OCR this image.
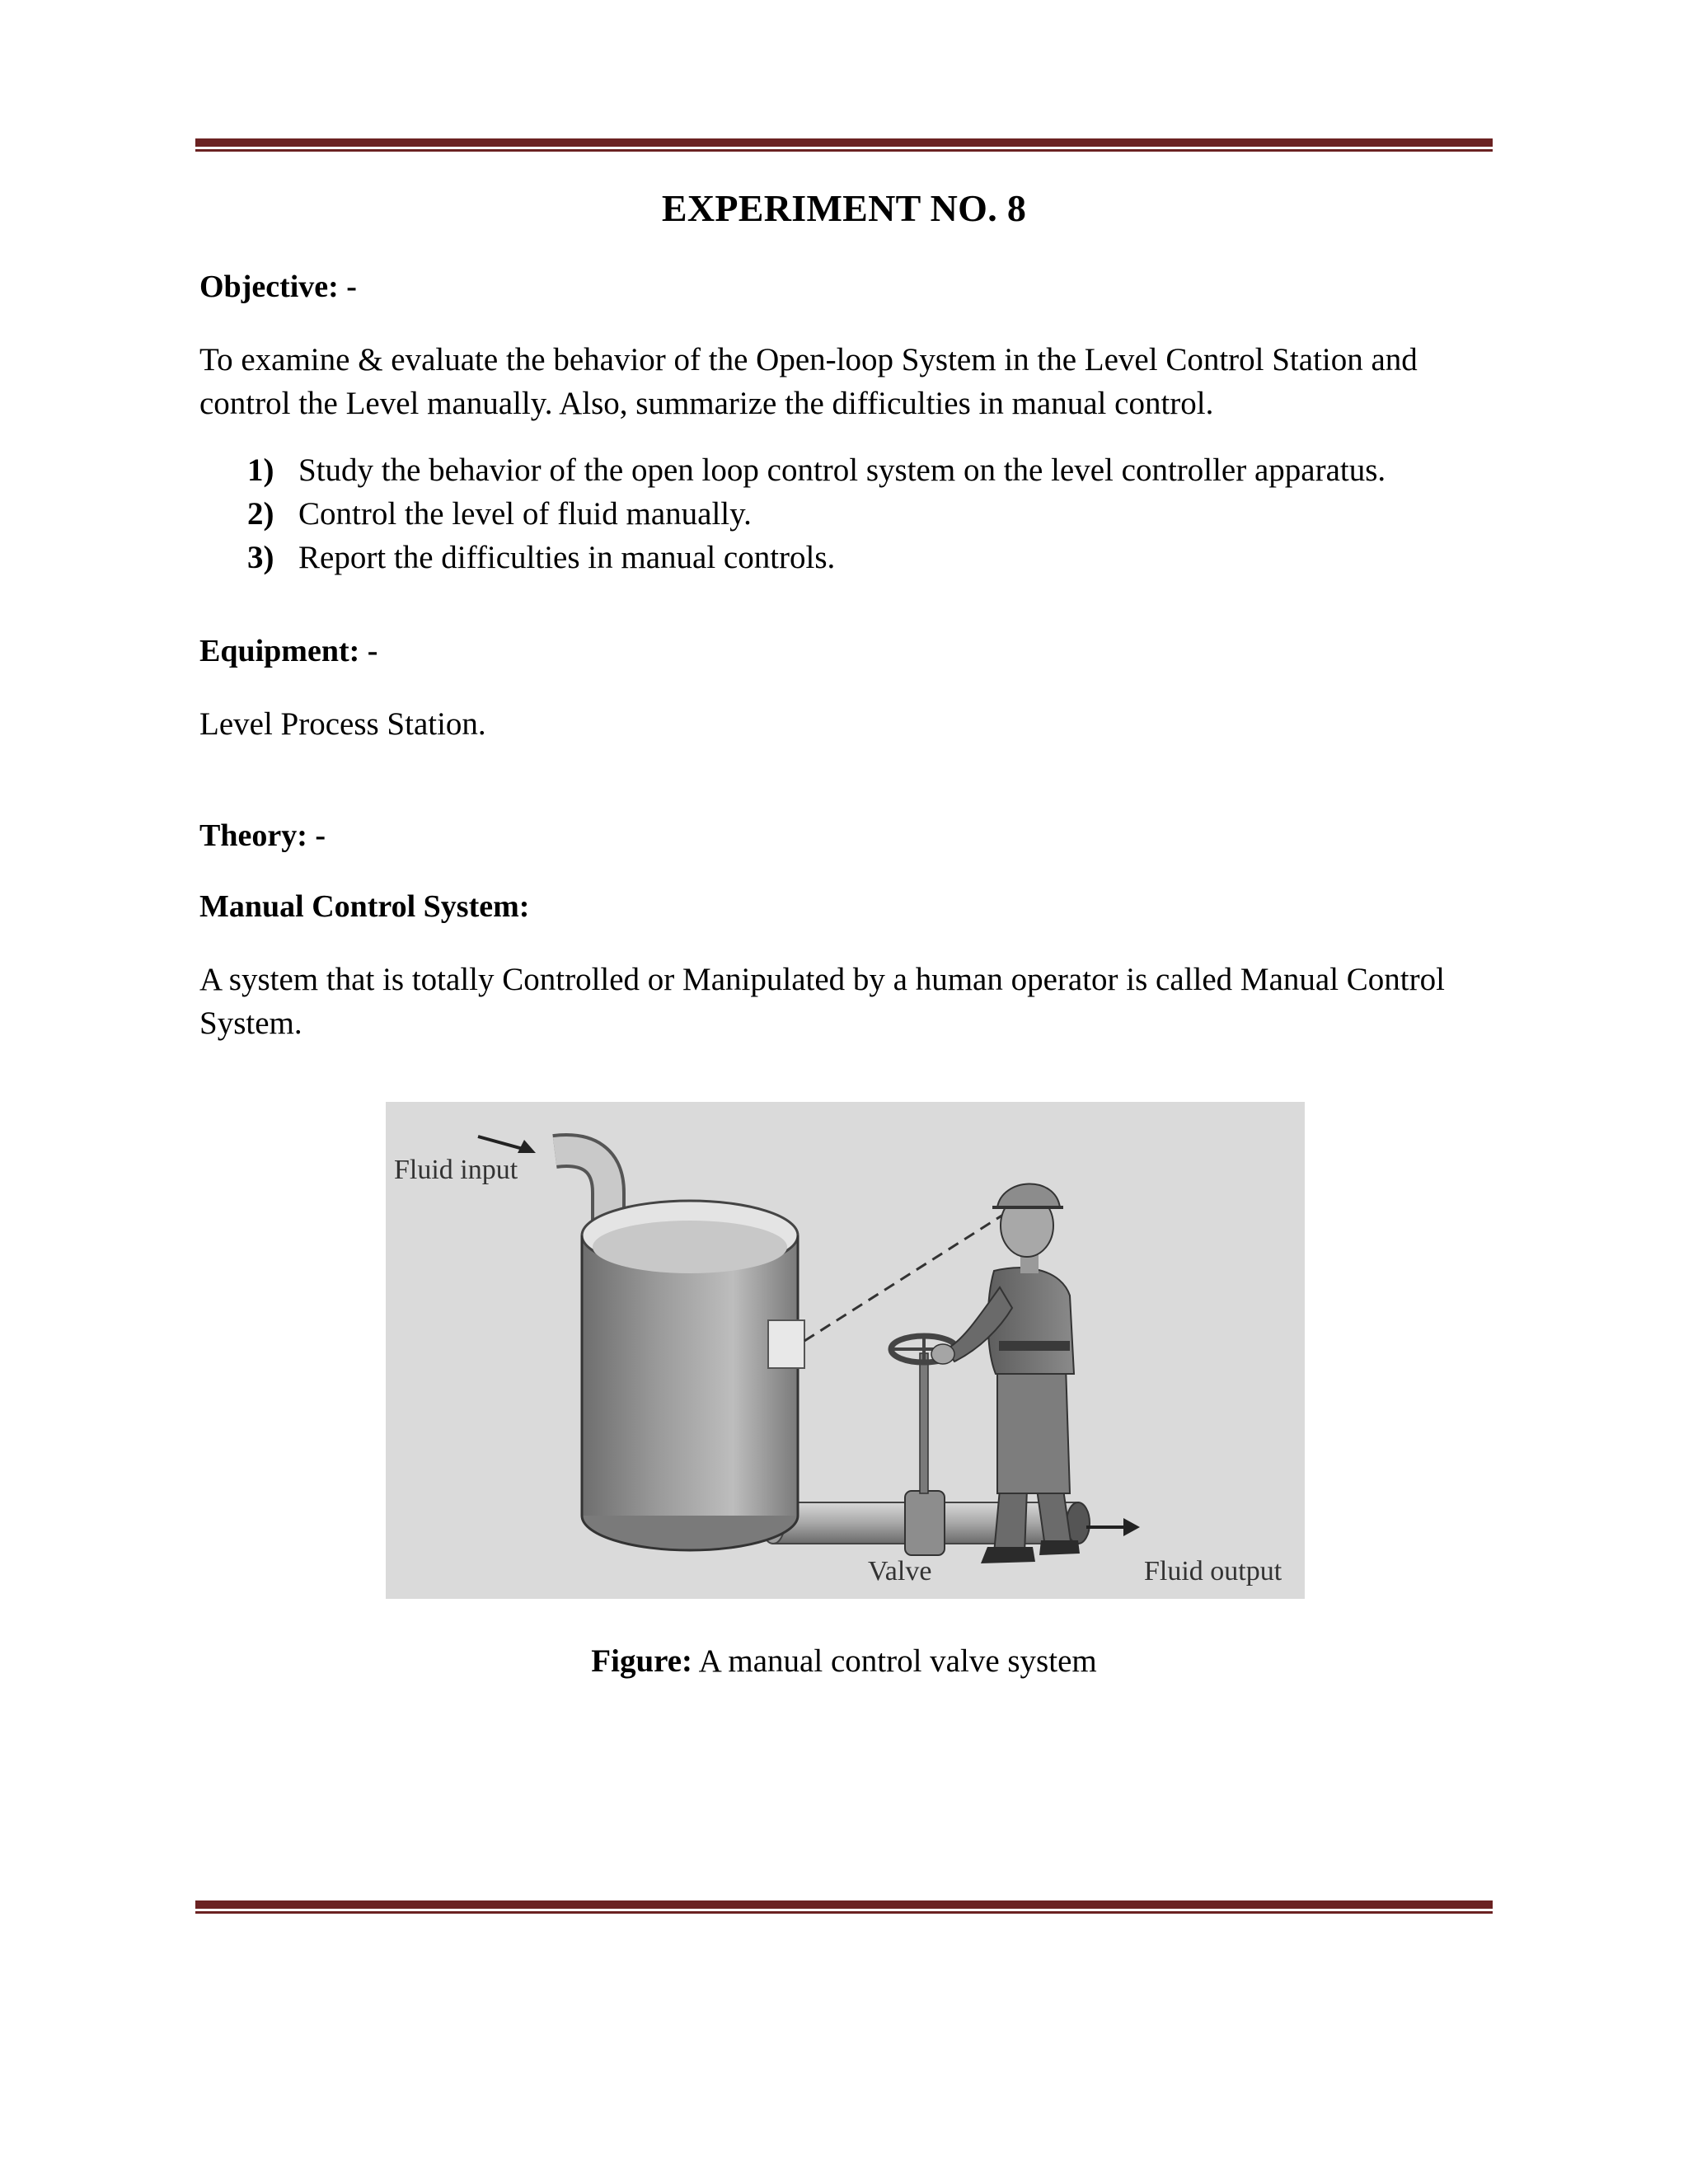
EXPERIMENT NO. 8
Objective: -
To examine & evaluate the behavior of the Open-loop System in the Level Control Station and
control the Level manually. Also, summarize the difficulties in manual control.
1) Study the behavior of the open loop control system on the level controller apparatus.
2) Control the level of fluid manually.
3) Report the difficulties in manual controls.
Equipment: -
Level Process Station.
Theory: -
Manual Control System:
A system that is totally Controlled or Manipulated by a human operator is called Manual Control
System.
Fluid input
Valve	Fluid output
Figure: A manual control valve system
